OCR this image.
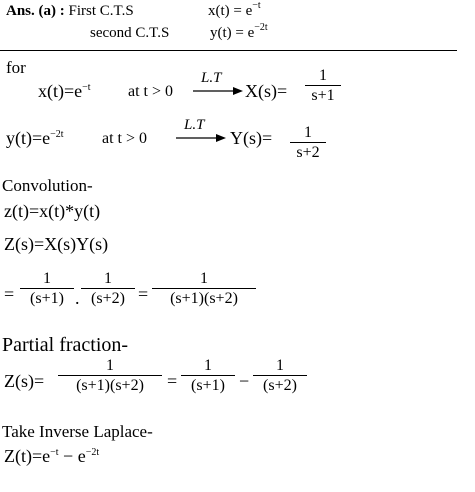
Ans. (a) : First C.T.S	$x(t) = e^{-t}$
second C.T.S	$y(t) = e^{-2t}$
for
$x(t)=e^{-t}$ at t > 0
L.T
X(s)=
1
s+1
$y(t)=e^{-2t}$ at t > 0
L.T
Y(s)=	1
s+2
Convolution-
z(t)=x(t)*y(t)
Z(s)=X(s)Y(s)
=
1
(s+1) .
1
(s+2) =
1
(s+1)(s+2)
Partial fraction-
Z(s)=
1
(s+1)(s+2)	=
1
(s+1) −
1
(s+2)
Take Inverse Laplace-
$Z(t)=e^{-t} - e^{-2t}$
